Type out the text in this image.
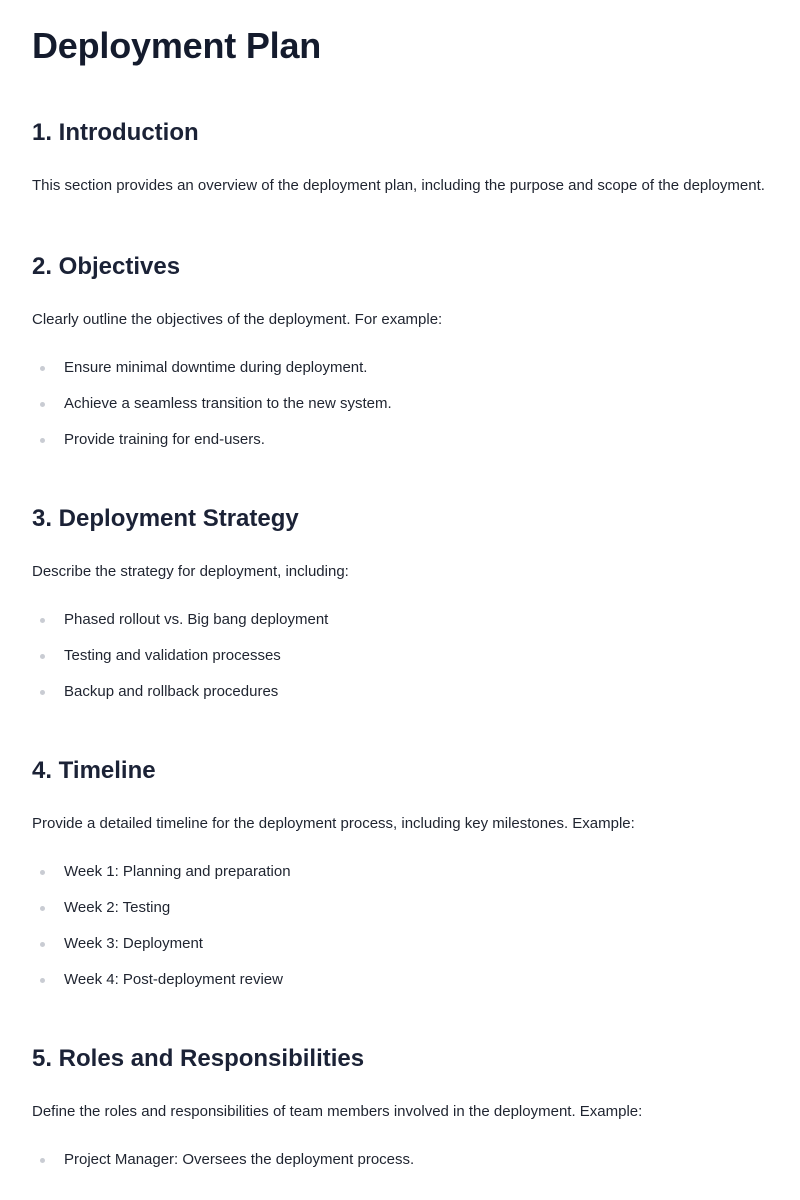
Deployment Plan
1. Introduction

This section provides an overview of the deployment plan, including the purpose and scope of the deployment.

2. Objectives

Clearly outline the objectives of the deployment. For example:

Ensure minimal downtime during deployment.
Achieve a seamless transition to the new system.
Provide training for end-users.
3. Deployment Strategy

Describe the strategy for deployment, including:

Phased rollout vs. Big bang deployment
Testing and validation processes
Backup and rollback procedures
4. Timeline

Provide a detailed timeline for the deployment process, including key milestones. Example:

Week 1: Planning and preparation
Week 2: Testing
Week 3: Deployment
Week 4: Post-deployment review
5. Roles and Responsibilities

Define the roles and responsibilities of team members involved in the deployment. Example:

Project Manager: Oversees the deployment process.
